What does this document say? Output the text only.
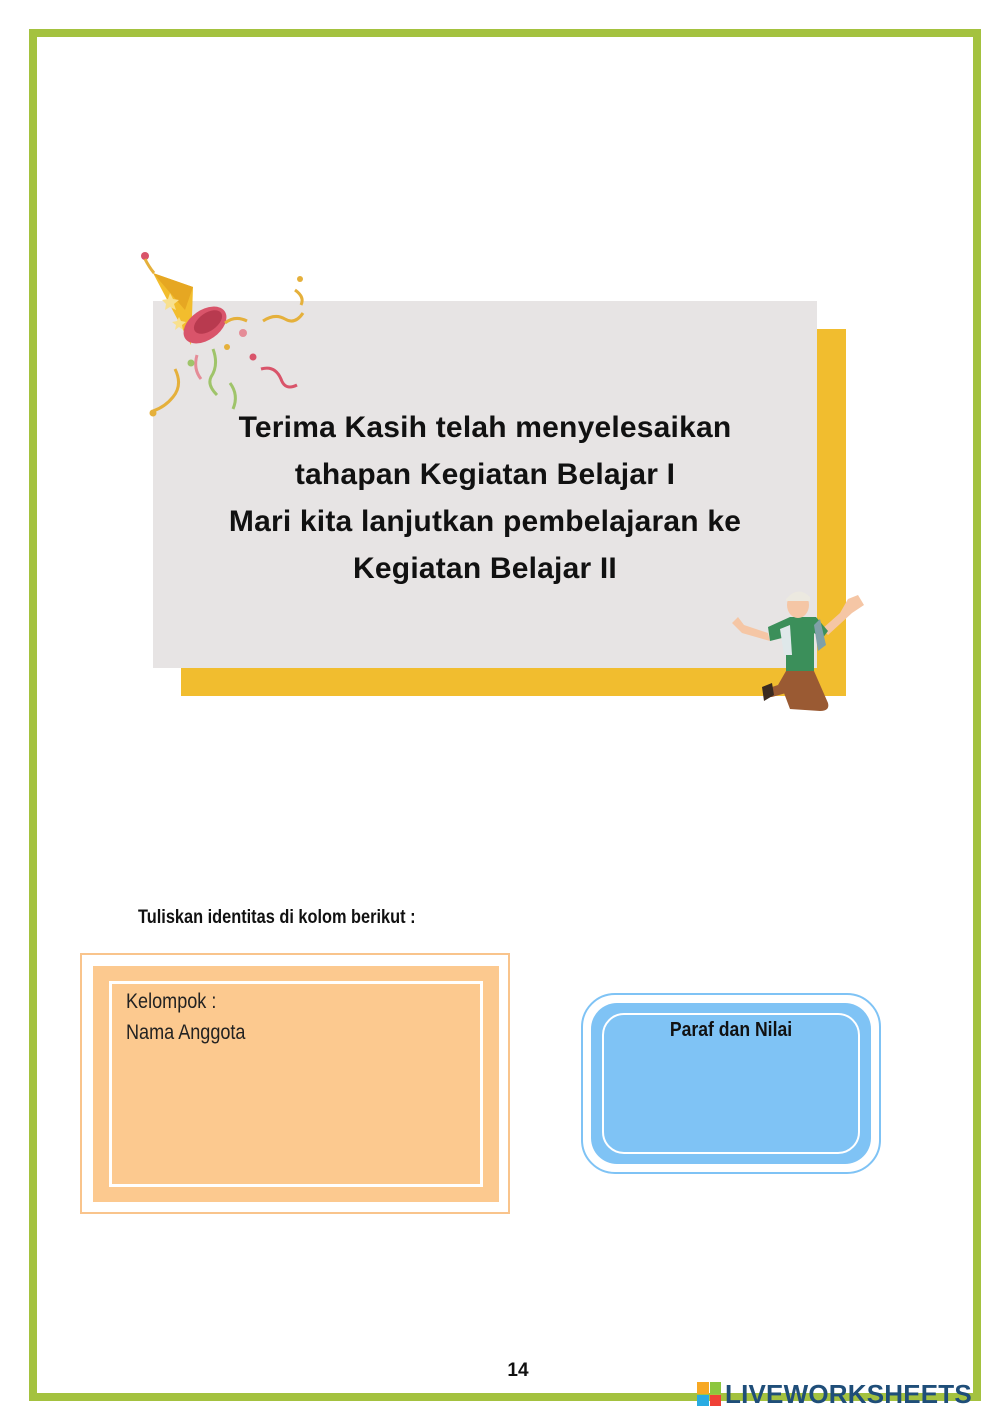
Terima Kasih telah menyelesaikan
tahapan Kegiatan Belajar I
Mari kita lanjutkan pembelajaran ke
Kegiatan Belajar II
Tuliskan identitas di kolom berikut :
Kelompok :
Nama Anggota	Paraf dan Nilai
14
LIVEWORKSHEETS
